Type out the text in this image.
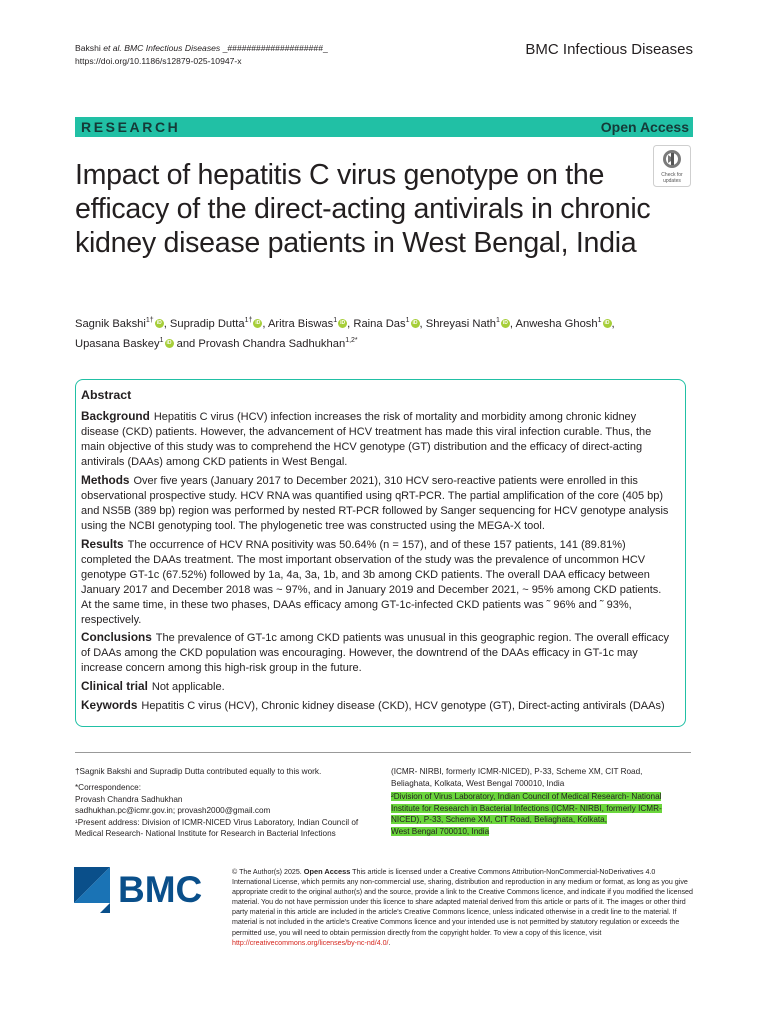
Bakshi et al. BMC Infectious Diseases _####################_
https://doi.org/10.1186/s12879-025-10947-x
BMC Infectious Diseases
RESEARCH	Open Access
Check for
updates
Impact of hepatitis C virus genotype on the efficacy of the direct-acting antivirals in chronic kidney disease patients in West Bengal, India
Sagnik Bakshi$^{1\dagger}$ iD , Supradip Dutta$^{1\dagger}$ iD , Aritra Biswas$^1$ iD , Raina Das$^1$ iD , Shreyasi Nath$^1$ iD , Anwesha Ghosh$^1$ iD ,
Upasana Baskey$^1$ iD and Provash Chandra Sadhukhan$^{1,2*}$
Abstract

Background Hepatitis C virus (HCV) infection increases the risk of mortality and morbidity among chronic kidney disease (CKD) patients. However, the advancement of HCV treatment has made this viral infection curable. Thus, the main objective of this study was to comprehend the HCV genotype (GT) distribution and the efficacy of direct-acting antivirals (DAAs) among CKD patients in West Bengal.

Methods Over five years (January 2017 to December 2021), 310 HCV sero-reactive patients were enrolled in this observational prospective study. HCV RNA was quantified using qRT-PCR. The partial amplification of the core (405 bp) and NS5B (389 bp) region was performed by nested RT-PCR followed by Sanger sequencing for HCV genotype analysis using the NCBI genotyping tool. The phylogenetic tree was constructed using the MEGA-X tool.

Results The occurrence of HCV RNA positivity was 50.64% (n = 157), and of these 157 patients, 141 (89.81%) completed the DAAs treatment. The most important observation of the study was the prevalence of uncommon HCV genotype GT-1c (67.52%) followed by 1a, 4a, 3a, 1b, and 3b among CKD patients. The overall DAA efficacy between January 2017 and December 2018 was ~ 97%, and in January 2019 and December 2021, ~ 95% among CKD patients. At the same time, in these two phases, DAAs efficacy among GT-1c-infected CKD patients was ˜ 96% and ˜ 93%, respectively.

Conclusions The prevalence of GT-1c among CKD patients was unusual in this geographic region. The overall efficacy of DAAs among the CKD population was encouraging. However, the downtrend of the DAAs efficacy in GT-1c may increase concern among this high-risk group in the future.

Clinical trial Not applicable.

Keywords Hepatitis C virus (HCV), Chronic kidney disease (CKD), HCV genotype (GT), Direct-acting antivirals (DAAs)

†Sagnik Bakshi and Supradip Dutta contributed equally to this work.

*Correspondence:
Provash Chandra Sadhukhan
sadhukhan.pc@icmr.gov.in; provash2000@gmail.com
¹Present address: Division of ICMR-NICED Virus Laboratory, Indian Council of Medical Research- National Institute for Research in Bacterial Infections

(ICMR- NIRBI, formerly ICMR-NICED), P-33, Scheme XM, CIT Road, Beliaghata, Kolkata, West Bengal 700010, India

²Division of Virus Laboratory, Indian Council of Medical Research- National
Institute for Research in Bacterial Infections (ICMR- NIRBI, formerly ICMR-
NICED), P-33, Scheme XM, CIT Road, Beliaghata, Kolkata,
West Bengal 700010, India
BMC	© The Author(s) 2025. Open Access This article is licensed under a Creative Commons Attribution-NonCommercial-NoDerivatives 4.0 International License, which permits any non-commercial use, sharing, distribution and reproduction in any medium or format, as long as you give appropriate credit to the original author(s) and the source, provide a link to the Creative Commons licence, and indicate if you modified the licensed material. You do not have permission under this licence to share adapted material derived from this article or parts of it. The images or other third party material in this article are included in the article's Creative Commons licence, unless indicated otherwise in a credit line to the material. If material is not included in the article's Creative Commons licence and your intended use is not permitted by statutory regulation or exceeds the permitted use, you will need to obtain permission directly from the copyright holder. To view a copy of this licence, visit http://creativecommons.org/licenses/by-nc-nd/4.0/.
